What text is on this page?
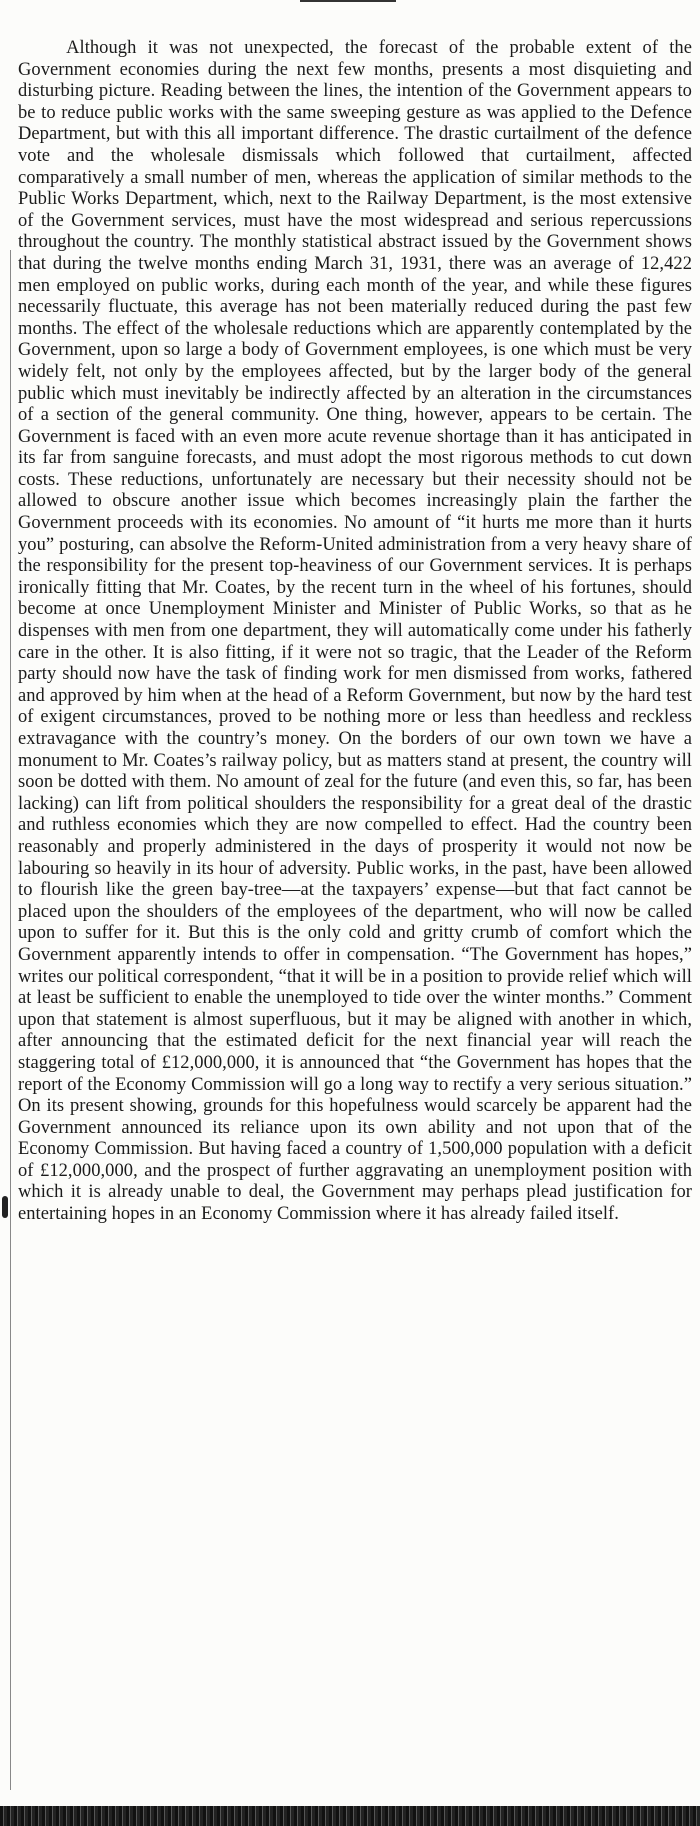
Although it was not unexpected, the forecast of the probable extent of the Government economies during the next few months, presents a most disquieting and disturbing picture. Reading between the lines, the intention of the Government appears to be to reduce public works with the same sweeping gesture as was applied to the Defence Department, but with this all important difference. The drastic curtailment of the defence vote and the wholesale dismissals which followed that curtailment, affected comparatively a small number of men, whereas the application of similar methods to the Public Works Department, which, next to the Railway Department, is the most extensive of the Government services, must have the most widespread and serious repercussions throughout the country. The monthly statistical abstract issued by the Government shows that during the twelve months ending March 31, 1931, there was an average of 12,422 men employed on public works, during each month of the year, and while these figures necessarily fluctuate, this average has not been materially reduced during the past few months. The effect of the wholesale reductions which are apparently contemplated by the Government, upon so large a body of Government employees, is one which must be very widely felt, not only by the employees affected, but by the larger body of the general public which must inevitably be indirectly affected by an alteration in the circumstances of a section of the general community. One thing, however, appears to be certain. The Government is faced with an even more acute revenue shortage than it has anticipated in its far from sanguine forecasts, and must adopt the most rigorous methods to cut down costs. These reductions, unfortunately are necessary but their necessity should not be allowed to obscure another issue which becomes increasingly plain the farther the Government proceeds with its economies. No amount of “it hurts me more than it hurts you” posturing, can absolve the Reform-United administration from a very heavy share of the responsibility for the present top-heaviness of our Government services. It is perhaps ironically fitting that Mr. Coates, by the recent turn in the wheel of his fortunes, should become at once Unemployment Minister and Minister of Public Works, so that as he dispenses with men from one department, they will automatically come under his fatherly care in the other. It is also fitting, if it were not so tragic, that the Leader of the Reform party should now have the task of finding work for men dismissed from works, fathered and approved by him when at the head of a Reform Government, but now by the hard test of exigent circumstances, proved to be nothing more or less than heedless and reckless extravagance with the country’s money. On the borders of our own town we have a monument to Mr. Coates’s railway policy, but as matters stand at present, the country will soon be dotted with them. No amount of zeal for the future (and even this, so far, has been lacking) can lift from political shoulders the responsibility for a great deal of the drastic and ruthless economies which they are now compelled to effect. Had the country been reasonably and properly administered in the days of prosperity it would not now be labouring so heavily in its hour of adversity. Public works, in the past, have been allowed to flourish like the green bay-tree—at the taxpayers’ expense—but that fact cannot be placed upon the shoulders of the employees of the department, who will now be called upon to suffer for it. But this is the only cold and gritty crumb of comfort which the Government apparently intends to offer in compensation. “The Government has hopes,” writes our political correspondent, “that it will be in a position to provide relief which will at least be sufficient to enable the unemployed to tide over the winter months.” Comment upon that statement is almost superfluous, but it may be aligned with another in which, after announcing that the estimated deficit for the next financial year will reach the staggering total of £12,000,000, it is announced that “the Government has hopes that the report of the Economy Commission will go a long way to rectify a very serious situation.” On its present showing, grounds for this hopefulness would scarcely be apparent had the Government announced its reliance upon its own ability and not upon that of the Economy Commission. But having faced a country of 1,500,000 population with a deficit of £12,000,000, and the prospect of further aggravating an unemployment position with which it is already unable to deal, the Government may perhaps plead justification for entertaining hopes in an Economy Commission where it has already failed itself.
